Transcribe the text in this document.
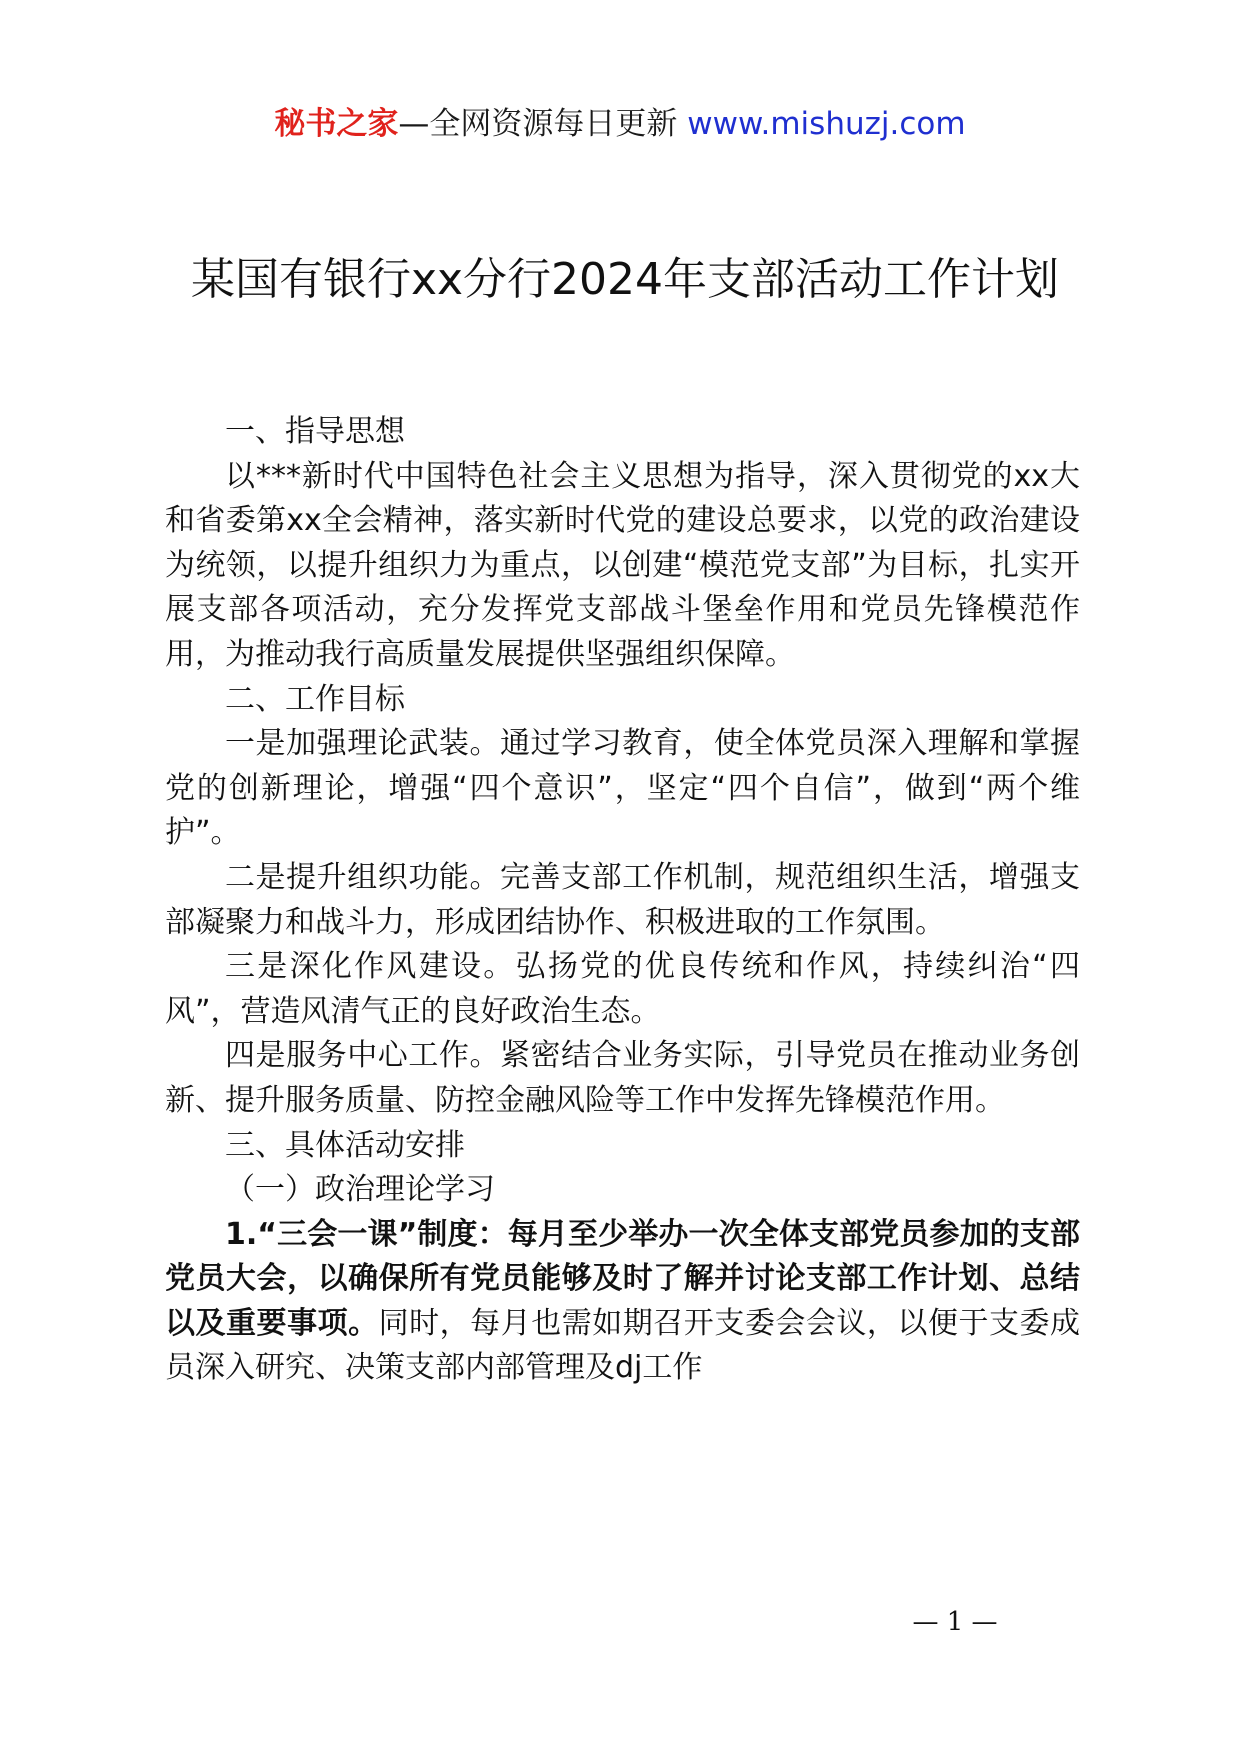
秘书之家—全网资源每日更新 www.mishuzj.com
某国有银行xx分行2024年支部活动工作计划

一、指导思想

以***新时代中国特色社会主义思想为指导，深入贯彻党的xx大和省委第xx全会精神，落实新时代党的建设总要求，以党的政治建设为统领，以提升组织力为重点，以创建“模范党支部”为目标，扎实开展支部各项活动，充分发挥党支部战斗堡垒作用和党员先锋模范作用，为推动我行高质量发展提供坚强组织保障。

二、工作目标

一是加强理论武装。通过学习教育，使全体党员深入理解和掌握党的创新理论，增强“四个意识”，坚定“四个自信”，做到“两个维护”。

二是提升组织功能。完善支部工作机制，规范组织生活，增强支部凝聚力和战斗力，形成团结协作、积极进取的工作氛围。

三是深化作风建设。弘扬党的优良传统和作风，持续纠治“四风”，营造风清气正的良好政治生态。

四是服务中心工作。紧密结合业务实际，引导党员在推动业务创新、提升服务质量、防控金融风险等工作中发挥先锋模范作用。

三、具体活动安排

（一）政治理论学习

1.“三会一课”制度：每月至少举办一次全体支部党员参加的支部党员大会，以确保所有党员能够及时了解并讨论支部工作计划、总结以及重要事项。同时，每月也需如期召开支委会会议，以便于支委成员深入研究、决策支部内部管理及dj工作

— 1 —
